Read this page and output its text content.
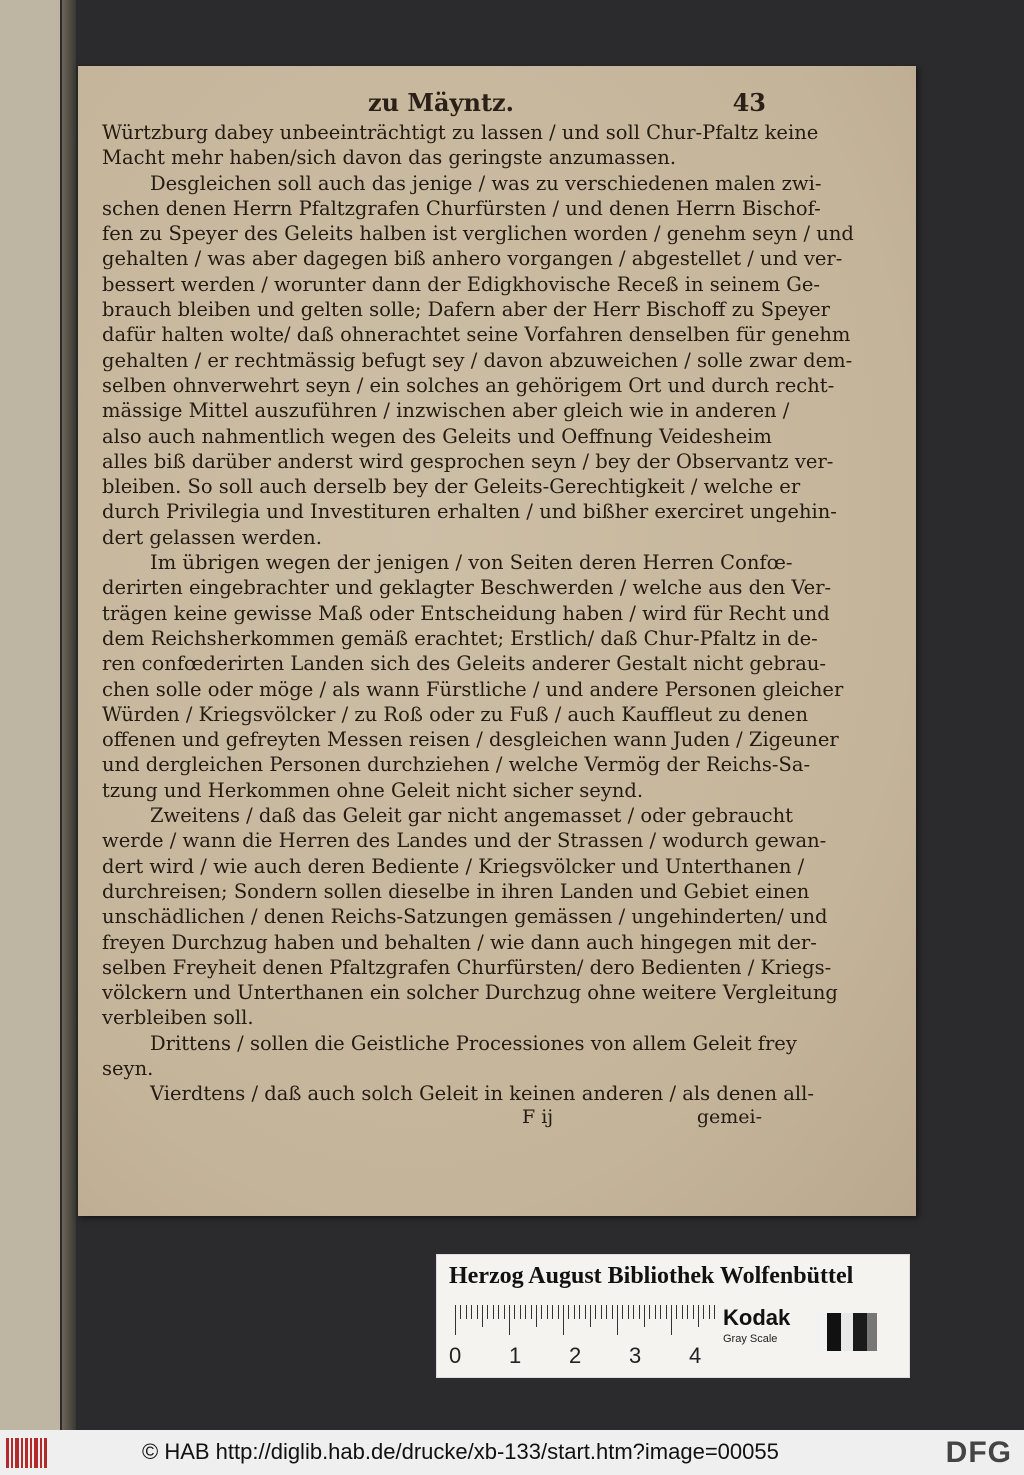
zu Mäyntz.	43
Würtzburg dabey unbeeinträchtigt zu lassen / und soll Chur-Pfaltz keine
Macht mehr haben/sich davon das geringste anzumassen.
Desgleichen soll auch das jenige / was zu verschiedenen malen zwi-
schen denen Herrn Pfaltzgrafen Churfürsten / und denen Herrn Bischof-
fen zu Speyer des Geleits halben ist verglichen worden / genehm seyn / und
gehalten / was aber dagegen biß anhero vorgangen / abgestellet / und ver-
bessert werden / worunter dann der Edigkhovische Receß in seinem Ge-
brauch bleiben und gelten solle; Dafern aber der Herr Bischoff zu Speyer
dafür halten wolte/ daß ohnerachtet seine Vorfahren denselben für genehm
gehalten / er rechtmässig befugt sey / davon abzuweichen / solle zwar dem-
selben ohnverwehrt seyn / ein solches an gehörigem Ort und durch recht-
mässige Mittel auszuführen / inzwischen aber gleich wie in anderen /
also auch nahmentlich wegen des Geleits und Oeffnung Veidesheim
alles biß darüber anderst wird gesprochen seyn / bey der Observantz ver-
bleiben. So soll auch derselb bey der Geleits-Gerechtigkeit / welche er
durch Privilegia und Investituren erhalten / und bißher exerciret ungehin-
dert gelassen werden.
Im übrigen wegen der jenigen / von Seiten deren Herren Confœ-
derirten eingebrachter und geklagter Beschwerden / welche aus den Ver-
trägen keine gewisse Maß oder Entscheidung haben / wird für Recht und
dem Reichsherkommen gemäß erachtet; Erstlich/ daß Chur-Pfaltz in de-
ren confœderirten Landen sich des Geleits anderer Gestalt nicht gebrau-
chen solle oder möge / als wann Fürstliche / und andere Personen gleicher
Würden / Kriegsvölcker / zu Roß oder zu Fuß / auch Kauffleut zu denen
offenen und gefreyten Messen reisen / desgleichen wann Juden / Zigeuner
und dergleichen Personen durchziehen / welche Vermög der Reichs-Sa-
tzung und Herkommen ohne Geleit nicht sicher seynd.
Zweitens / daß das Geleit gar nicht angemasset / oder gebraucht
werde / wann die Herren des Landes und der Strassen / wodurch gewan-
dert wird / wie auch deren Bediente / Kriegsvölcker und Unterthanen /
durchreisen; Sondern sollen dieselbe in ihren Landen und Gebiet einen
unschädlichen / denen Reichs-Satzungen gemässen / ungehinderten/ und
freyen Durchzug haben und behalten / wie dann auch hingegen mit der-
selben Freyheit denen Pfaltzgrafen Churfürsten/ dero Bedienten / Kriegs-
völckern und Unterthanen ein solcher Durchzug ohne weitere Vergleitung
verbleiben soll.
Drittens / sollen die Geistliche Processiones von allem Geleit frey
seyn.
Vierdtens / daß auch solch Geleit in keinen anderen / als denen all-
F ij	gemei-
Herzog August Bibliothek Wolfenbüttel
0 1 2 3 4
Kodak
Gray Scale
© HAB http://diglib.hab.de/drucke/xb-133/start.htm?image=00055	DFG
